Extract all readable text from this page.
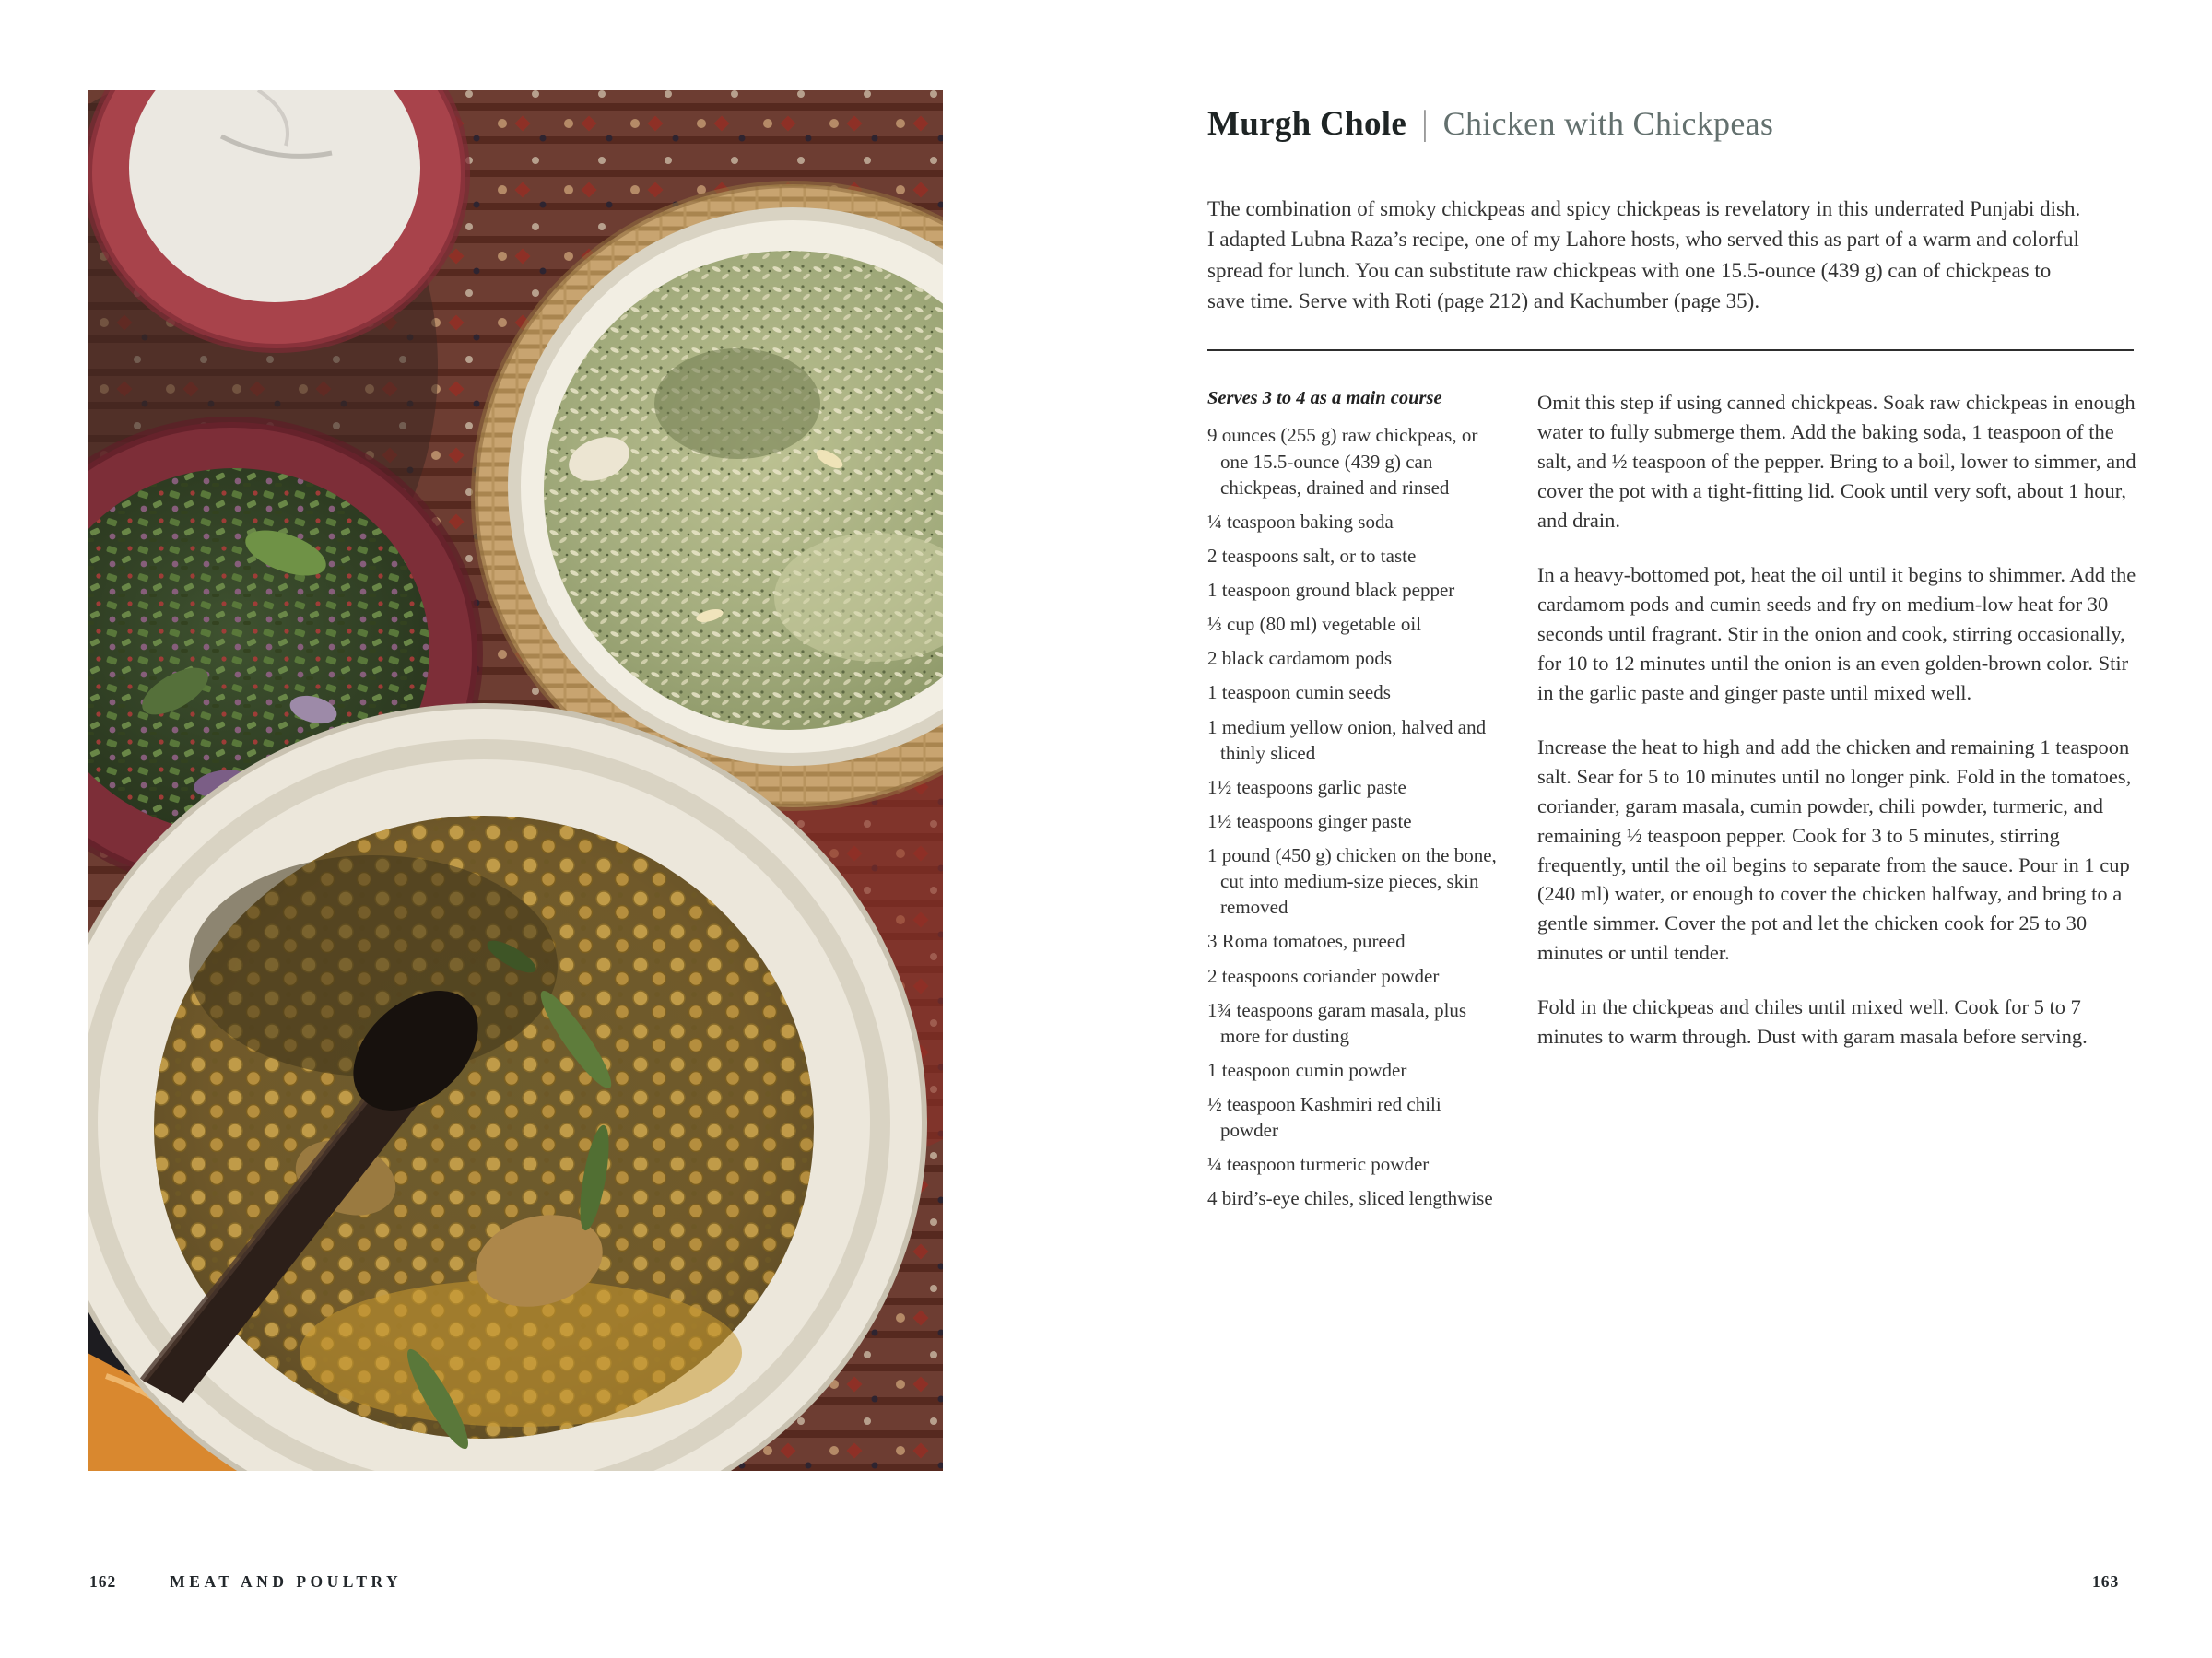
Murgh Chole | Chicken with Chickpeas

The combination of smoky chickpeas and spicy chickpeas is revelatory in this underrated Punjabi dish. I adapted Lubna Raza’s recipe, one of my Lahore hosts, who served this as part of a warm and colorful spread for lunch. You can substitute raw chickpeas with one 15.5-ounce (439 g) can of chickpeas to save time. Serve with Roti (page 212) and Kachumber (page 35).

Serves 3 to 4 as a main course

9 ounces (255 g) raw chickpeas, or one 15.5-ounce (439 g) can chickpeas, drained and rinsed
¼ teaspoon baking soda
2 teaspoons salt, or to taste
1 teaspoon ground black pepper
⅓ cup (80 ml) vegetable oil
2 black cardamom pods
1 teaspoon cumin seeds
1 medium yellow onion, halved and thinly sliced
1½ teaspoons garlic paste
1½ teaspoons ginger paste
1 pound (450 g) chicken on the bone, cut into medium-size pieces, skin removed
3 Roma tomatoes, pureed
2 teaspoons coriander powder
1¾ teaspoons garam masala, plus more for dusting
1 teaspoon cumin powder
½ teaspoon Kashmiri red chili powder
¼ teaspoon turmeric powder
4 bird’s-eye chiles, sliced lengthwise

Omit this step if using canned chickpeas. Soak raw chickpeas in enough water to fully submerge them. Add the baking soda, 1 teaspoon of the salt, and ½ teaspoon of the pepper. Bring to a boil, lower to simmer, and cover the pot with a tight-fitting lid. Cook until very soft, about 1 hour, and drain.

In a heavy-bottomed pot, heat the oil until it begins to shimmer. Add the cardamom pods and cumin seeds and fry on medium-low heat for 30 seconds until fragrant. Stir in the onion and cook, stirring occasionally, for 10 to 12 minutes until the onion is an even golden-brown color. Stir in the garlic paste and ginger paste until mixed well.

Increase the heat to high and add the chicken and remaining 1 teaspoon salt. Sear for 5 to 10 minutes until no longer pink. Fold in the tomatoes, coriander, garam masala, cumin powder, chili powder, turmeric, and remaining ½ teaspoon pepper. Cook for 3 to 5 minutes, stirring frequently, until the oil begins to separate from the sauce. Pour in 1 cup (240 ml) water, or enough to cover the chicken halfway, and bring to a gentle simmer. Cover the pot and let the chicken cook for 25 to 30 minutes or until tender.

Fold in the chickpeas and chiles until mixed well. Cook for 5 to 7 minutes to warm through. Dust with garam masala before serving.

162	MEAT AND POULTRY	163
